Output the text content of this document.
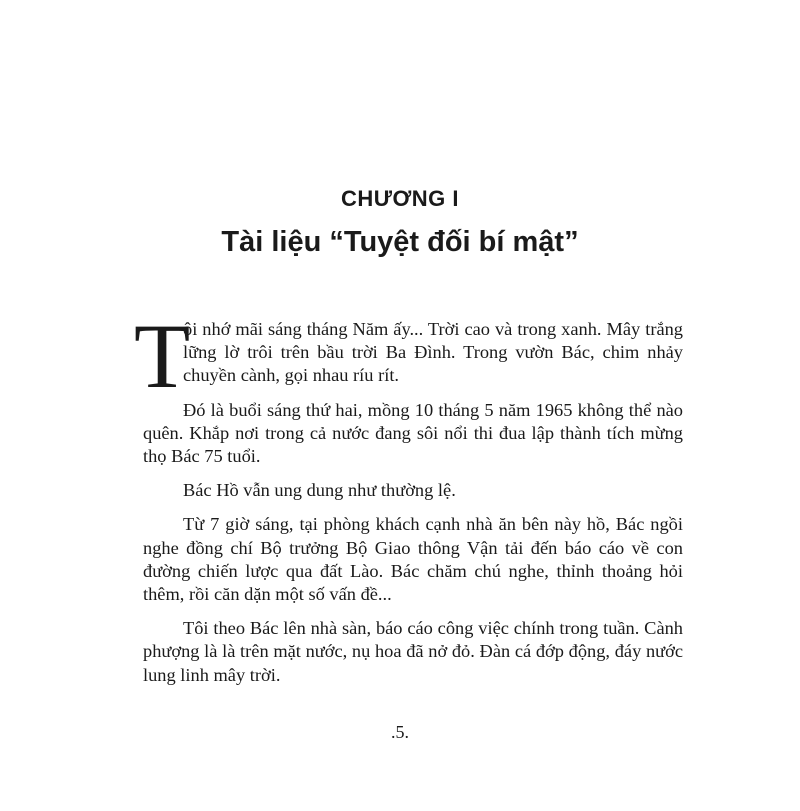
CHƯƠNG I
Tài liệu “Tuyệt đối bí mật”
T
ôi nhớ mãi sáng tháng Năm ấy... Trời cao và trong xanh. Mây trắng lững lờ trôi trên bầu trời Ba Đình. Trong vườn Bác, chim nhảy chuyền cành, gọi nhau ríu rít.

Đó là buổi sáng thứ hai, mồng 10 tháng 5 năm 1965 không thể nào quên. Khắp nơi trong cả nước đang sôi nổi thi đua lập thành tích mừng thọ Bác 75 tuổi.

Bác Hồ vẫn ung dung như thường lệ.

Từ 7 giờ sáng, tại phòng khách cạnh nhà ăn bên này hồ, Bác ngồi nghe đồng chí Bộ trưởng Bộ Giao thông Vận tải đến báo cáo về con đường chiến lược qua đất Lào. Bác chăm chú nghe, thỉnh thoảng hỏi thêm, rồi căn dặn một số vấn đề...

Tôi theo Bác lên nhà sàn, báo cáo công việc chính trong tuần. Cành phượng là là trên mặt nước, nụ hoa đã nở đỏ. Đàn cá đớp động, đáy nước lung linh mây trời.

.5.
